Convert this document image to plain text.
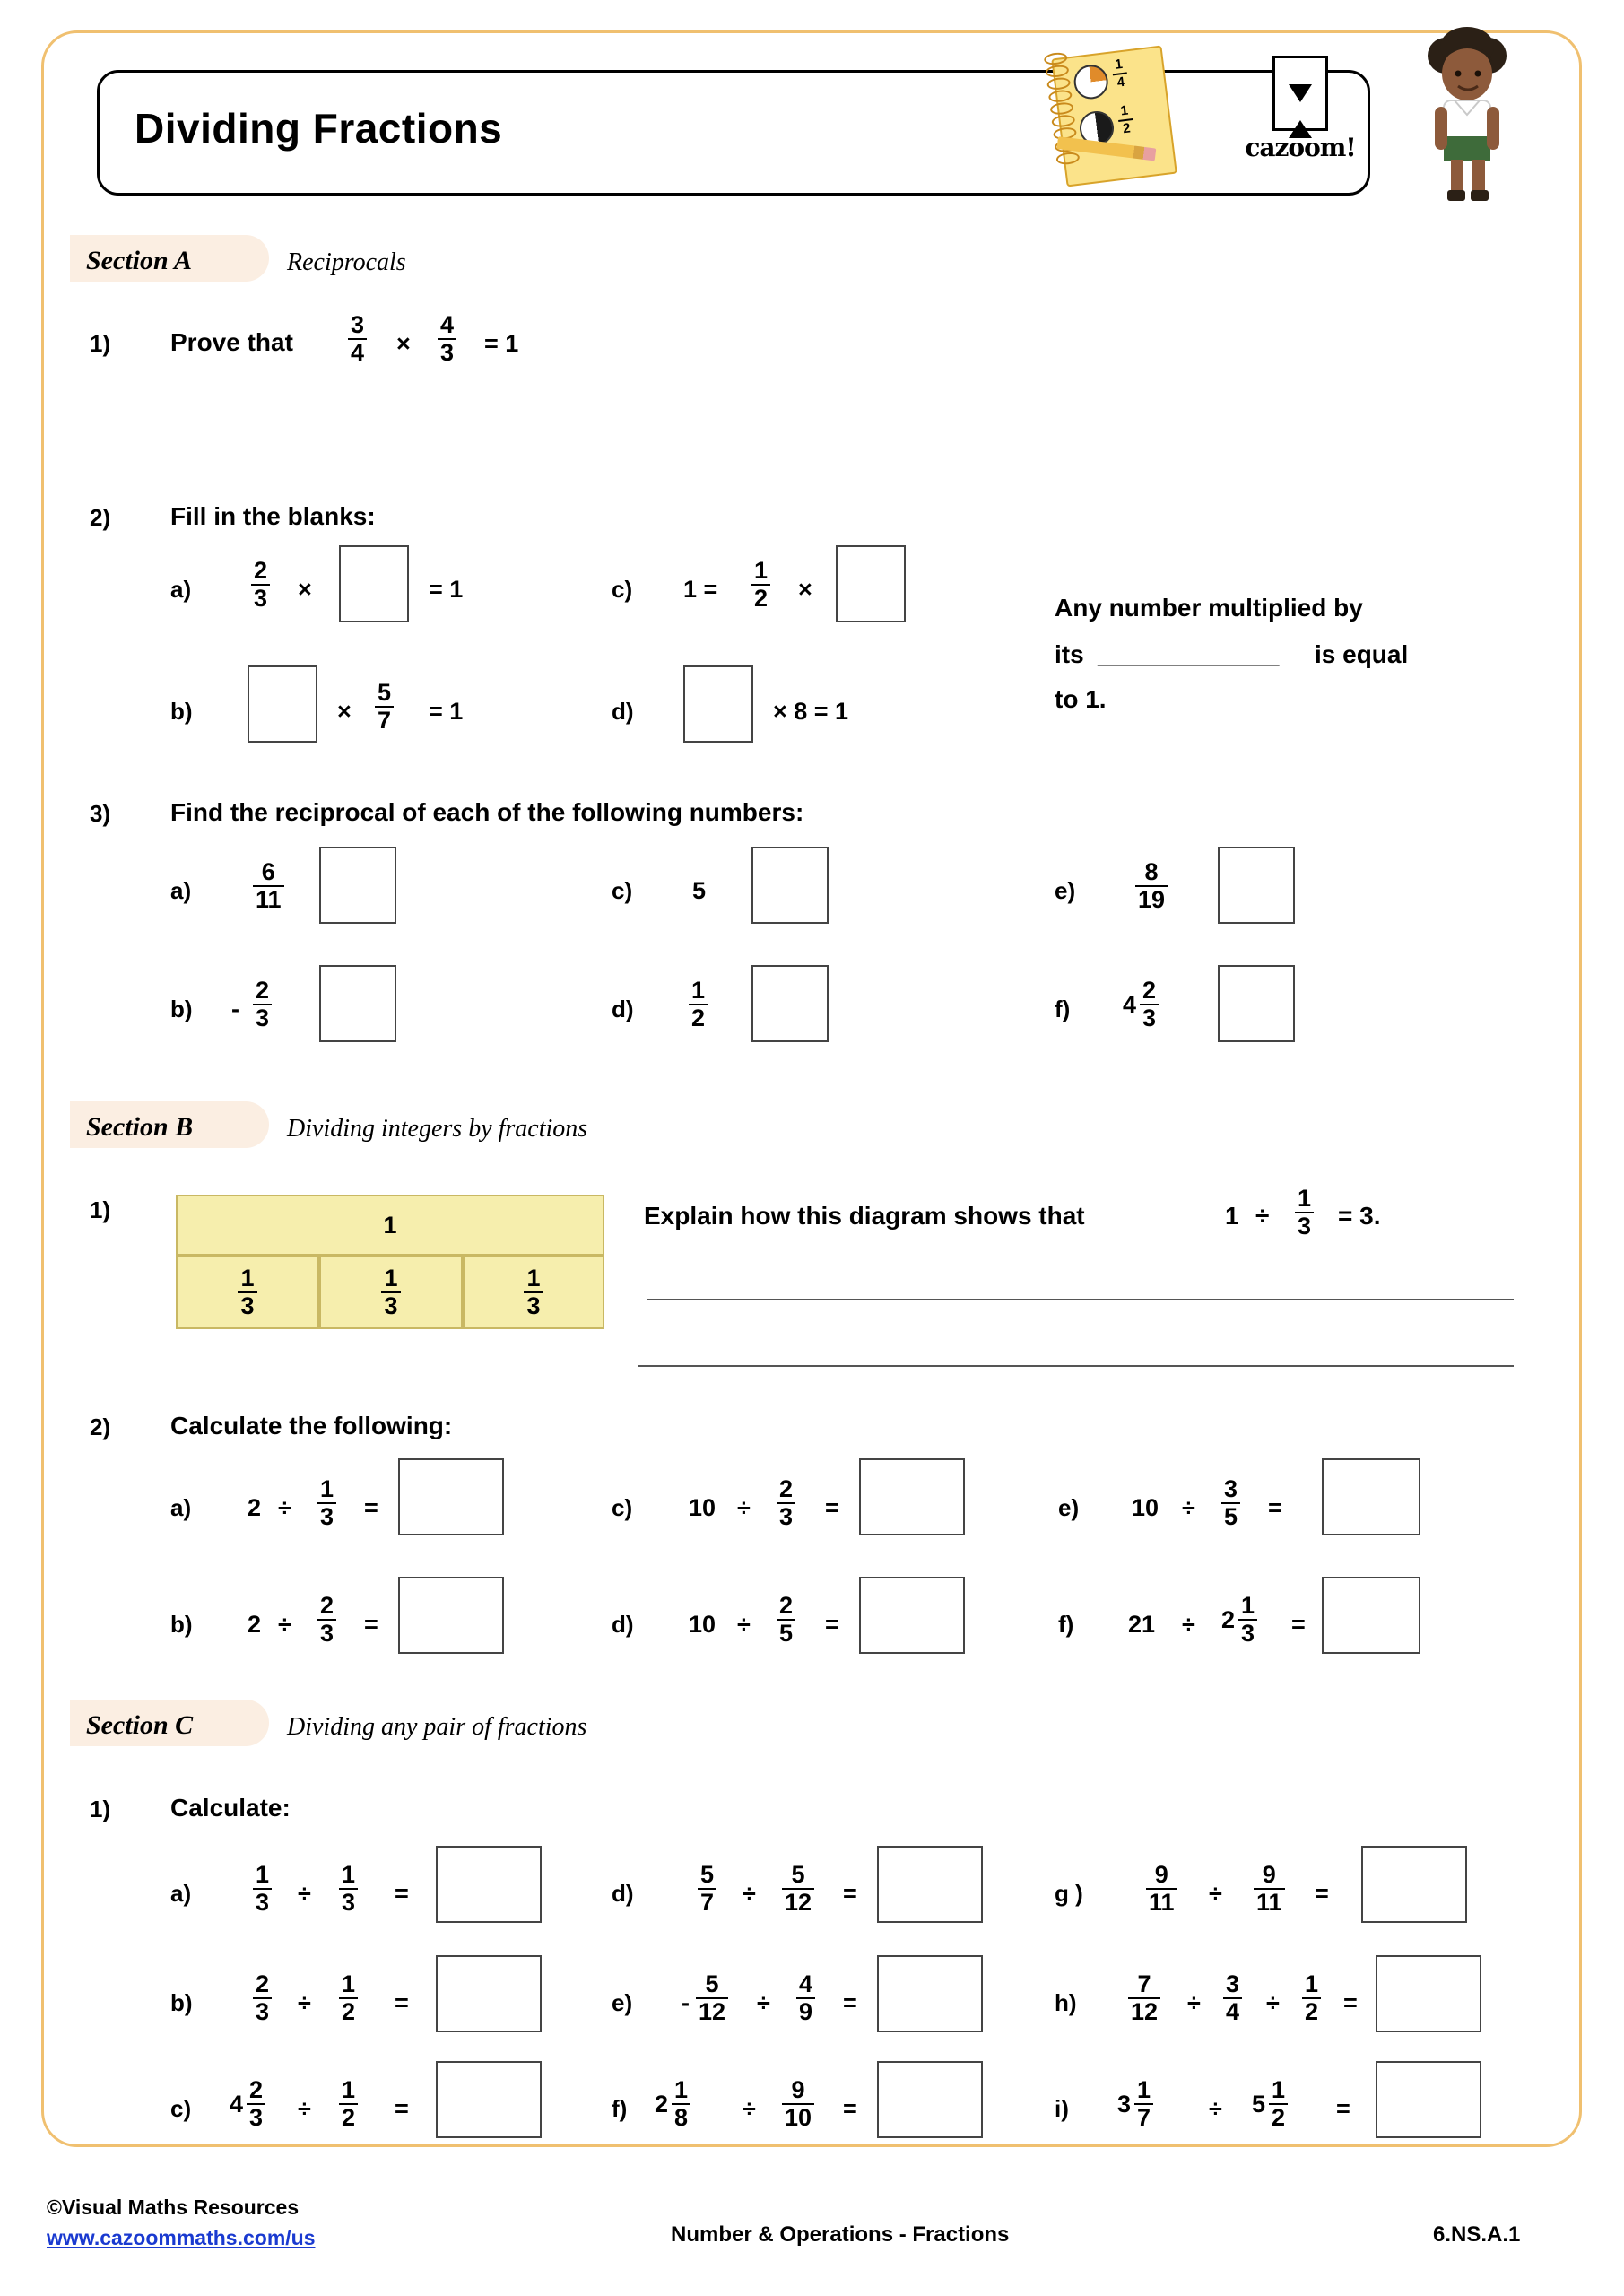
Dividing Fractions
1
4
1
2
cazoom!
Section A	Reciprocals
1) Prove that $\frac{3}{4} \times \frac{4}{3} = 1$
2) Fill in the blanks:
$a) \frac{2}{3}$ ×	= 1
b)	× $\frac{5}{7} = 1$
c) $1 = \frac{1}{2}$ ×
d)	× 8 = 1
Any number multiplied by
its _____________ is equal
to 1.
3) Find the reciprocal of each of the following numbers:
a)	$\frac{6}{11}$
$b) - \frac{2}{3}$
c) 5
$d) \frac{1}{2}$
$e) \frac{8}{19}$
f) 4
2
3
Section B	Dividing integers by fractions
1)
1
$\frac{1}{3}$	$\frac{1}{3}$	$\frac{1}{3}$
Explain how this diagram shows that	$1 \div \frac{1}{3} = 3$.
2) Calculate the following:
a) $2 \div \frac{1}{3}$ =
b) $2 \div \frac{2}{3}$ =
c) $10 \div \frac{2}{3}$ =
d) $10 \div \frac{2}{5}$ =
e) $10 \div \frac{3}{5}$ =
f) 21 ÷ 2
1
3 =
Section C	Dividing any pair of fractions
1) Calculate:
a)	$\frac{1}{3} \div \frac{1}{3}$ =
$b) \frac{2}{3} \div \frac{1}{2}$ =
c) 4
2
$3 \div \frac{1}{2}$ =
d)	$\frac{5}{7} \div \frac{5}{12}$ =
$e) - \frac{5}{12} \div \frac{4}{9}$ =
f) 2
1
$8 \div \frac{9}{10}$ =
g )	$\frac{9}{11} \div \frac{9}{11}$ =
$h) \frac{7}{12} \div \frac{3}{4} \div \frac{1}{2}$ =
i) 3
1
7 ÷ 5
1
2 =
©Visual Maths Resources
www.cazoommaths.com/us	Number & Operations - Fractions	6.NS.A.1
